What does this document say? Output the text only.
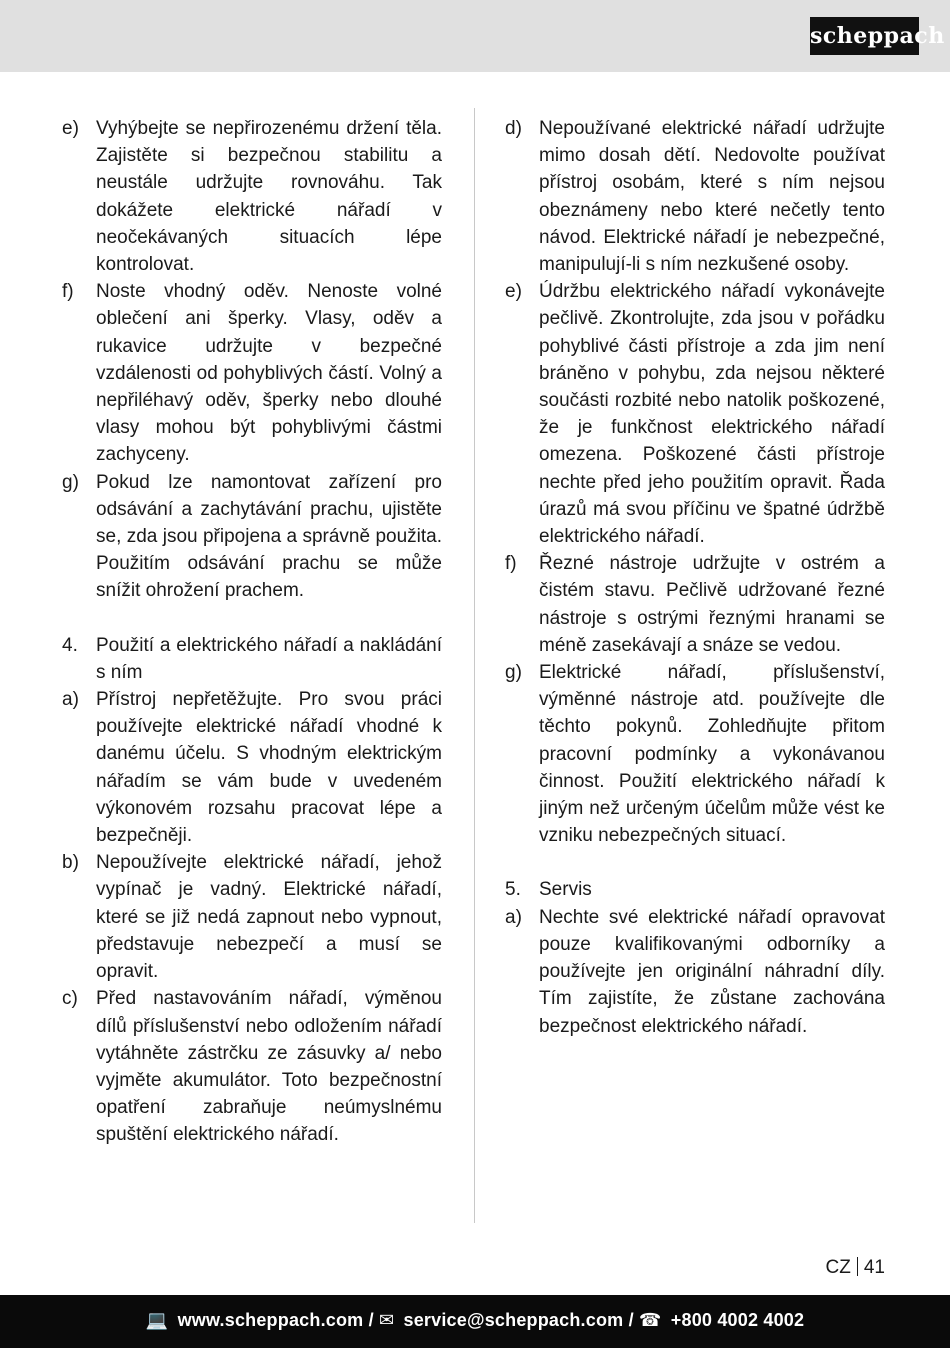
scheppach
e) Vyhýbejte se nepřirozenému držení těla. Zajistěte si bezpečnou stabilitu a neustále udržujte rovnováhu. Tak dokážete elektrické nářadí v neočekávaných situacích lépe kontrolovat.
f) Noste vhodný oděv. Nenoste volné oblečení ani šperky. Vlasy, oděv a rukavice udržujte v bezpečné vzdálenosti od pohyblivých částí. Volný a nepřiléhavý oděv, šperky nebo dlouhé vlasy mohou být pohyblivými částmi zachyceny.
g) Pokud lze namontovat zařízení pro odsávání a zachytávání prachu, ujistěte se, zda jsou připojena a správně použita. Použitím odsávání prachu se může snížit ohrožení prachem.
4. Použití a elektrického nářadí a nakládání s ním
a) Přístroj nepřetěžujte. Pro svou práci používejte elektrické nářadí vhodné k danému účelu. S vhodným elektrickým nářadím se vám bude v uvedeném výkonovém rozsahu pracovat lépe a bezpečněji.
b) Nepoužívejte elektrické nářadí, jehož vypínač je vadný. Elektrické nářadí, které se již nedá zapnout nebo vypnout, představuje nebezpečí a musí se opravit.
c) Před nastavováním nářadí, výměnou dílů příslušenství nebo odložením nářadí vytáhněte zástrčku ze zásuvky a/ nebo vyjměte akumulátor. Toto bezpečnostní opatření zabraňuje neúmyslnému spuštění elektrického nářadí.
d) Nepoužívané elektrické nářadí udržujte mimo dosah dětí. Nedovolte používat přístroj osobám, které s ním nejsou obeznámeny nebo které nečetly tento návod. Elektrické nářadí je nebezpečné, manipulují-li s ním nezkušené osoby.
e) Údržbu elektrického nářadí vykonávejte pečlivě. Zkontrolujte, zda jsou v pořádku pohyblivé části přístroje a zda jim není bráněno v pohybu, zda nejsou některé součásti rozbité nebo natolik poškozené, že je funkčnost elektrického nářadí omezena. Poškozené části přístroje nechte před jeho použitím opravit. Řada úrazů má svou příčinu ve špatné údržbě elektrického nářadí.
f) Řezné nástroje udržujte v ostrém a čistém stavu. Pečlivě udržované řezné nástroje s ostrými řeznými hranami se méně zasekávají a snáze se vedou.
g) Elektrické nářadí, příslušenství, výměnné nástroje atd. používejte dle těchto pokynů. Zohledňujte přitom pracovní podmínky a vykonávanou činnost. Použití elektrického nářadí k jiným než určeným účelům může vést ke vzniku nebezpečných situací.
5. Servis
a) Nechte své elektrické nářadí opravovat pouze kvalifikovanými odborníky a používejte jen originální náhradní díly. Tím zajistíte, že zůstane zachována bezpečnost elektrického nářadí.
CZ 41
💻 www.scheppach.com / ✉ service@scheppach.com / ☎ +800 4002 4002
